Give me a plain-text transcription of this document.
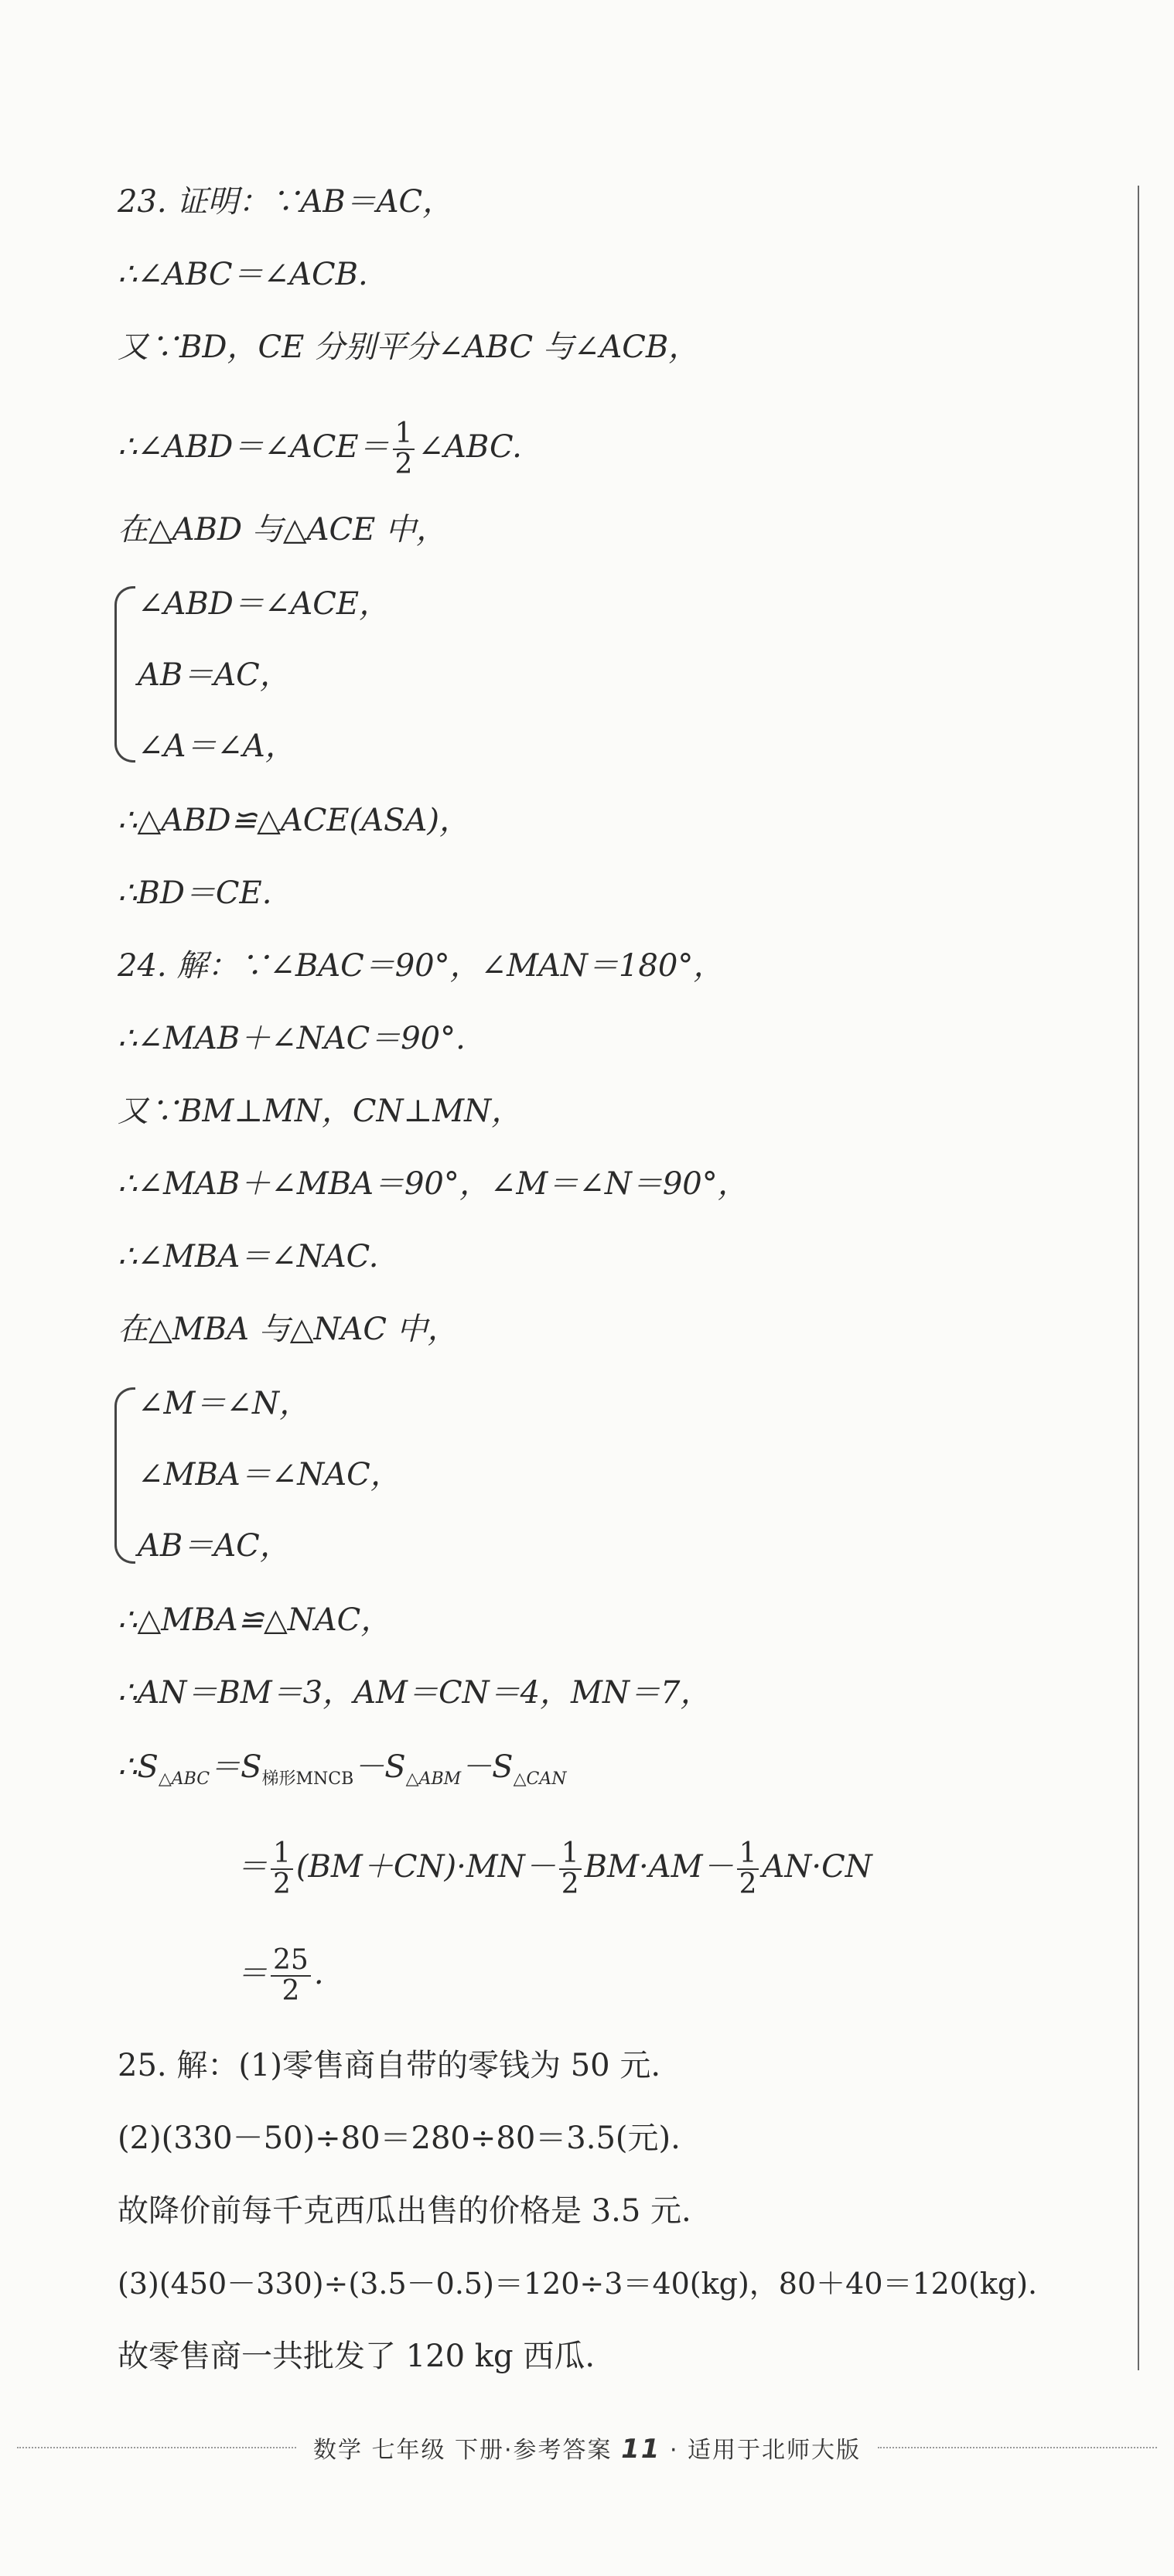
23. 证明：∵AB＝AC，
∴∠ABC＝∠ACB.
又∵BD，CE 分别平分∠ABC 与∠ACB，
∴∠ABD＝∠ACE＝ $\frac{1}{2}$ ∠ABC.
在△ABD 与△ACE 中，
∠ABD＝∠ACE，
AB＝AC，
∠A＝∠A，
∴△ABD≌△ACE(ASA)，
∴BD＝CE.
24. 解：∵∠BAC＝90°，∠MAN＝180°，
∴∠MAB＋∠NAC＝90°.
又∵BM⊥MN，CN⊥MN，
∴∠MAB＋∠MBA＝90°，∠M＝∠N＝90°，
∴∠MBA＝∠NAC.
在△MBA 与△NAC 中，
∠M＝∠N，
∠MBA＝∠NAC，
AB＝AC，
∴△MBA≌△NAC，
∴AN＝BM＝3，AM＝CN＝4，MN＝7，
$\therefore S_{\triangle ABC}=S_{梯形MNCB}-S_{\triangle ABM}-S_{\triangle CAN}$
＝ $\frac{1}{2} (BM+CN)\cdot MN- \frac{1}{2} BM\cdot AM- \frac{1}{2} AN\cdot CN$
＝ $\frac{25}{2}$ .
25. 解：(1)零售商自带的零钱为 50 元.
(2)(330－50)÷80＝280÷80＝3.5(元).
故降价前每千克西瓜出售的价格是 3.5 元.
(3)(450－330)÷(3.5－0.5)＝120÷3＝40(kg)，80＋40＝120(kg).
故零售商一共批发了 120 kg 西瓜.
数学 七年级 下册·参考答案 11 · 适用于北师大版
